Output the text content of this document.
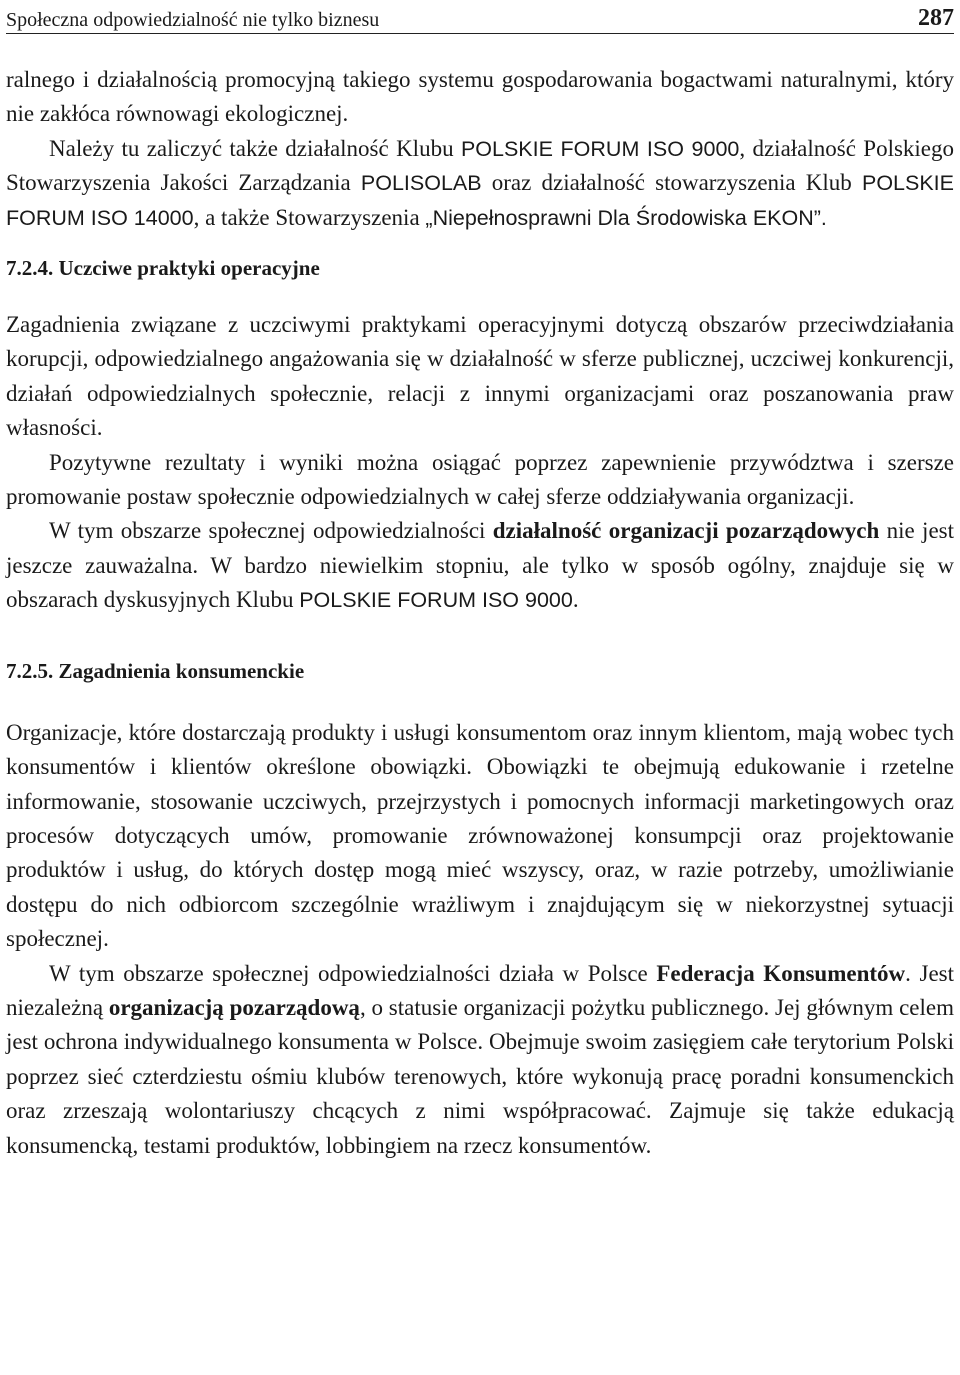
Społeczna odpowiedzialność nie tylko biznesu	287

ralnego i działalnością promocyjną takiego systemu gospodarowania bogactwami naturalnymi, który nie zakłóca równowagi ekologicznej.

Należy tu zaliczyć także działalność Klubu POLSKIE FORUM ISO 9000, działalność Polskiego Stowarzyszenia Jakości Zarządzania POLISOLAB oraz działalność stowarzyszenia Klub POLSKIE FORUM ISO 14000, a także Stowarzyszenia „Niepełnosprawni Dla Środowiska EKON”.

7.2.4. Uczciwe praktyki operacyjne

Zagadnienia związane z uczciwymi praktykami operacyjnymi dotyczą obszarów przeciwdziałania korupcji, odpowiedzialnego angażowania się w działalność w sferze publicznej, uczciwej konkurencji, działań odpowiedzialnych społecznie, relacji z innymi organizacjami oraz poszanowania praw własności.

Pozytywne rezultaty i wyniki można osiągać poprzez zapewnienie przywództwa i szersze promowanie postaw społecznie odpowiedzialnych w całej sferze oddziaływania organizacji.

W tym obszarze społecznej odpowiedzialności działalność organizacji pozarządowych nie jest jeszcze zauważalna. W bardzo niewielkim stopniu, ale tylko w sposób ogólny, znajduje się w obszarach dyskusyjnych Klubu POLSKIE FORUM ISO 9000.

7.2.5. Zagadnienia konsumenckie

Organizacje, które dostarczają produkty i usługi konsumentom oraz innym klientom, mają wobec tych konsumentów i klientów określone obowiązki. Obowiązki te obejmują edukowanie i rzetelne informowanie, stosowanie uczciwych, przejrzystych i pomocnych informacji marketingowych oraz procesów dotyczących umów, promowanie zrównoważonej konsumpcji oraz projektowanie produktów i usług, do których dostęp mogą mieć wszyscy, oraz, w razie potrzeby, umożliwianie dostępu do nich odbiorcom szczególnie wrażliwym i znajdującym się w niekorzystnej sytuacji społecznej.

W tym obszarze społecznej odpowiedzialności działa w Polsce Federacja Konsumentów. Jest niezależną organizacją pozarządową, o statusie organizacji pożytku publicznego. Jej głównym celem jest ochrona indywidualnego konsumenta w Polsce. Obejmuje swoim zasięgiem całe terytorium Polski poprzez sieć czterdziestu ośmiu klubów terenowych, które wykonują pracę poradni konsumenckich oraz zrzeszają wolontariuszy chcących z nimi współpracować. Zajmuje się także edukacją konsumencką, testami produktów, lobbingiem na rzecz konsumentów.
